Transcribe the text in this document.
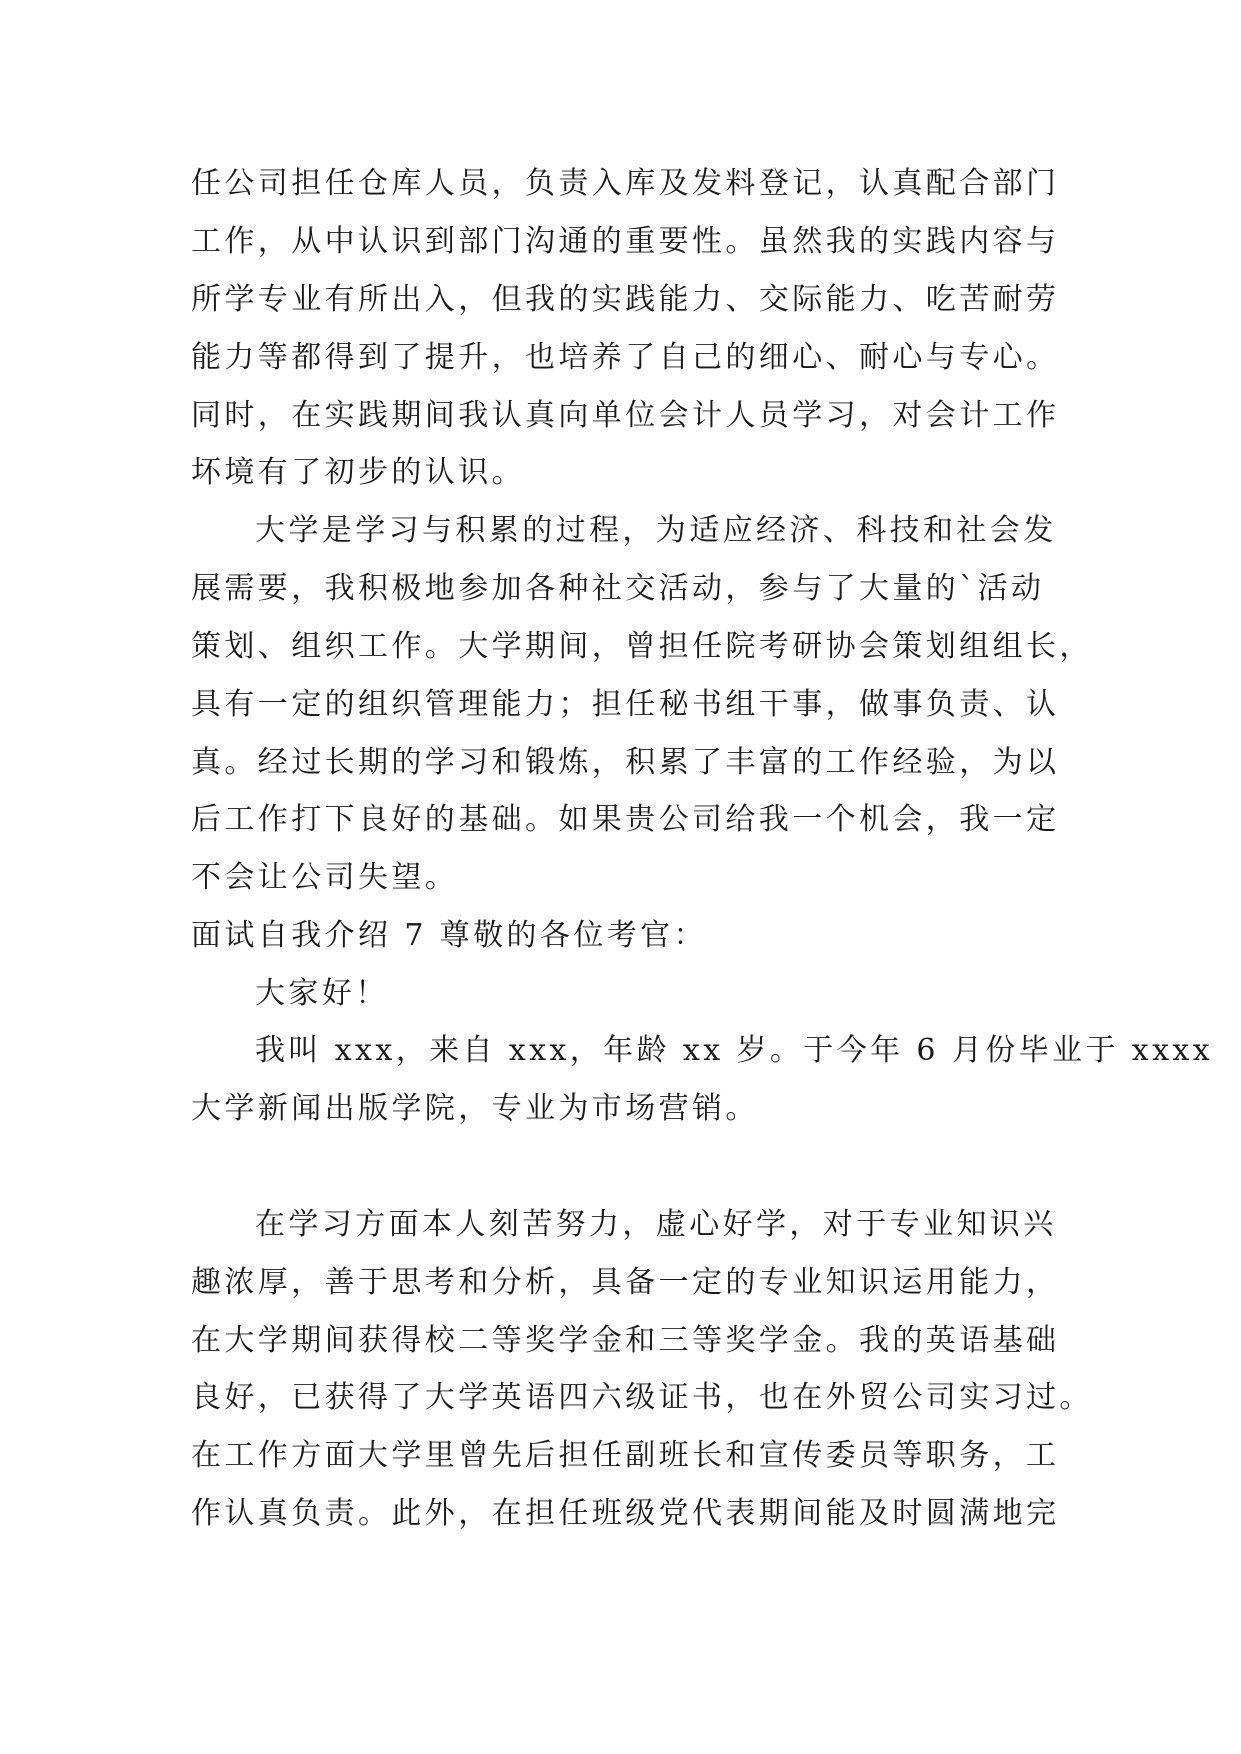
任公司担任仓库人员，负责入库及发料登记，认真配合部门
工作，从中认识到部门沟通的重要性。虽然我的实践内容与
所学专业有所出入，但我的实践能力、交际能力、吃苦耐劳
能力等都得到了提升，也培养了自己的细心、耐心与专心。
同时，在实践期间我认真向单位会计人员学习，对会计工作
坏境有了初步的认识。
大学是学习与积累的过程，为适应经济、科技和社会发
展需要，我积极地参加各种社交活动，参与了大量的`活动
策划、组织工作。大学期间，曾担任院考研协会策划组组长，
具有一定的组织管理能力；担任秘书组干事，做事负责、认
真。经过长期的学习和锻炼，积累了丰富的工作经验，为以
后工作打下良好的基础。如果贵公司给我一个机会，我一定
不会让公司失望。
面试自我介绍 7 尊敬的各位考官：
大家好！
我叫 xxx，来自 xxx，年龄 xx 岁。于今年 6 月份毕业于 xxxx
大学新闻出版学院，专业为市场营销。
在学习方面本人刻苦努力，虚心好学，对于专业知识兴
趣浓厚，善于思考和分析，具备一定的专业知识运用能力，
在大学期间获得校二等奖学金和三等奖学金。我的英语基础
良好，已获得了大学英语四六级证书，也在外贸公司实习过。
在工作方面大学里曾先后担任副班长和宣传委员等职务，工
作认真负责。此外，在担任班级党代表期间能及时圆满地完
